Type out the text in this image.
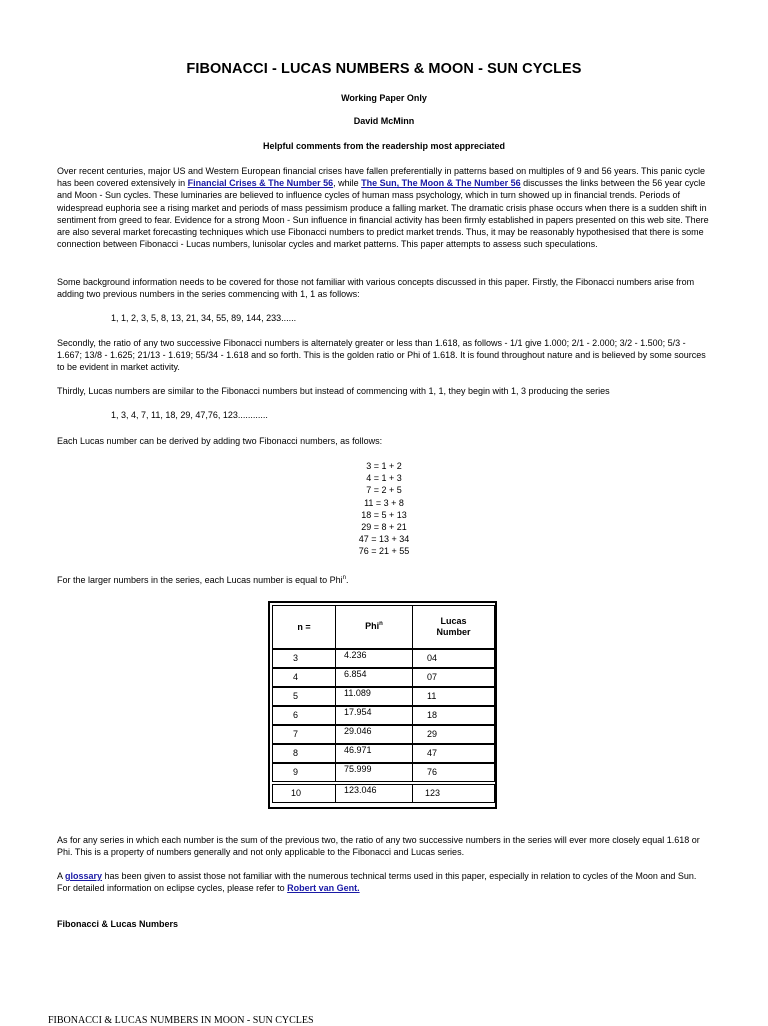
FIBONACCI - LUCAS NUMBERS & MOON - SUN CYCLES
Working Paper Only
David McMinn
Helpful comments from the readership most appreciated
Over recent centuries, major US and Western European financial crises have fallen preferentially in patterns based on multiples of 9 and 56 years. This panic cycle has been covered extensively in Financial Crises & The Number 56, while The Sun, The Moon & The Number 56 discusses the links between the 56 year cycle and Moon - Sun cycles. These luminaries are believed to influence cycles of human mass psychology, which in turn showed up in financial trends. Periods of widespread euphoria see a rising market and periods of mass pessimism produce a falling market. The dramatic crisis phase occurs when there is a sudden shift in sentiment from greed to fear. Evidence for a strong Moon - Sun influence in financial activity has been firmly established in papers presented on this web site. There are also several market forecasting techniques which use Fibonacci numbers to predict market trends. Thus, it may be reasonably hypothesised that there is some connection between Fibonacci - Lucas numbers, lunisolar cycles and market patterns. This paper attempts to assess such speculations.
Some background information needs to be covered for those not familiar with various concepts discussed in this paper. Firstly, the Fibonacci numbers arise from adding two previous numbers in the series commencing with 1, 1 as follows:
1, 1, 2, 3, 5, 8, 13, 21, 34, 55, 89, 144, 233......
Secondly, the ratio of any two successive Fibonacci numbers is alternately greater or less than 1.618, as follows - 1/1 give 1.000; 2/1 - 2.000; 3/2 - 1.500; 5/3 - 1.667; 13/8 - 1.625; 21/13 - 1.619; 55/34 - 1.618 and so forth. This is the golden ratio or Phi of 1.618. It is found throughout nature and is believed by some sources to be evident in market activity.
Thirdly, Lucas numbers are similar to the Fibonacci numbers but instead of commencing with 1, 1, they begin with 1, 3 producing the series
1, 3, 4, 7, 11, 18, 29, 47,76, 123............
Each Lucas number can be derived by adding two Fibonacci numbers, as follows:
3 = 1 + 2
4 = 1 + 3
7 = 2 + 5
11 = 3 + 8
18 = 5 + 13
29 = 8 + 21
47 = 13 + 34
76 = 21 + 55
For the larger numbers in the series, each Lucas number is equal to Phi$^n$.
n =	Phi$^n$	Lucas
Number
3	4.236	04
4	6.854	07
5	11.089	11
6	17.954	18
7	29.046	29
8	46.971	47
9	75.999	76
10	123.046	123
As for any series in which each number is the sum of the previous two, the ratio of any two successive numbers in the series will ever more closely equal 1.618 or Phi. This is a property of numbers generally and not only applicable to the Fibonacci and Lucas series.
A glossary has been given to assist those not familiar with the numerous technical terms used in this paper, especially in relation to cycles of the Moon and Sun. For detailed information on eclipse cycles, please refer to Robert van Gent.
Fibonacci & Lucas Numbers
FIBONACCI & LUCAS NUMBERS IN MOON - SUN CYCLES
